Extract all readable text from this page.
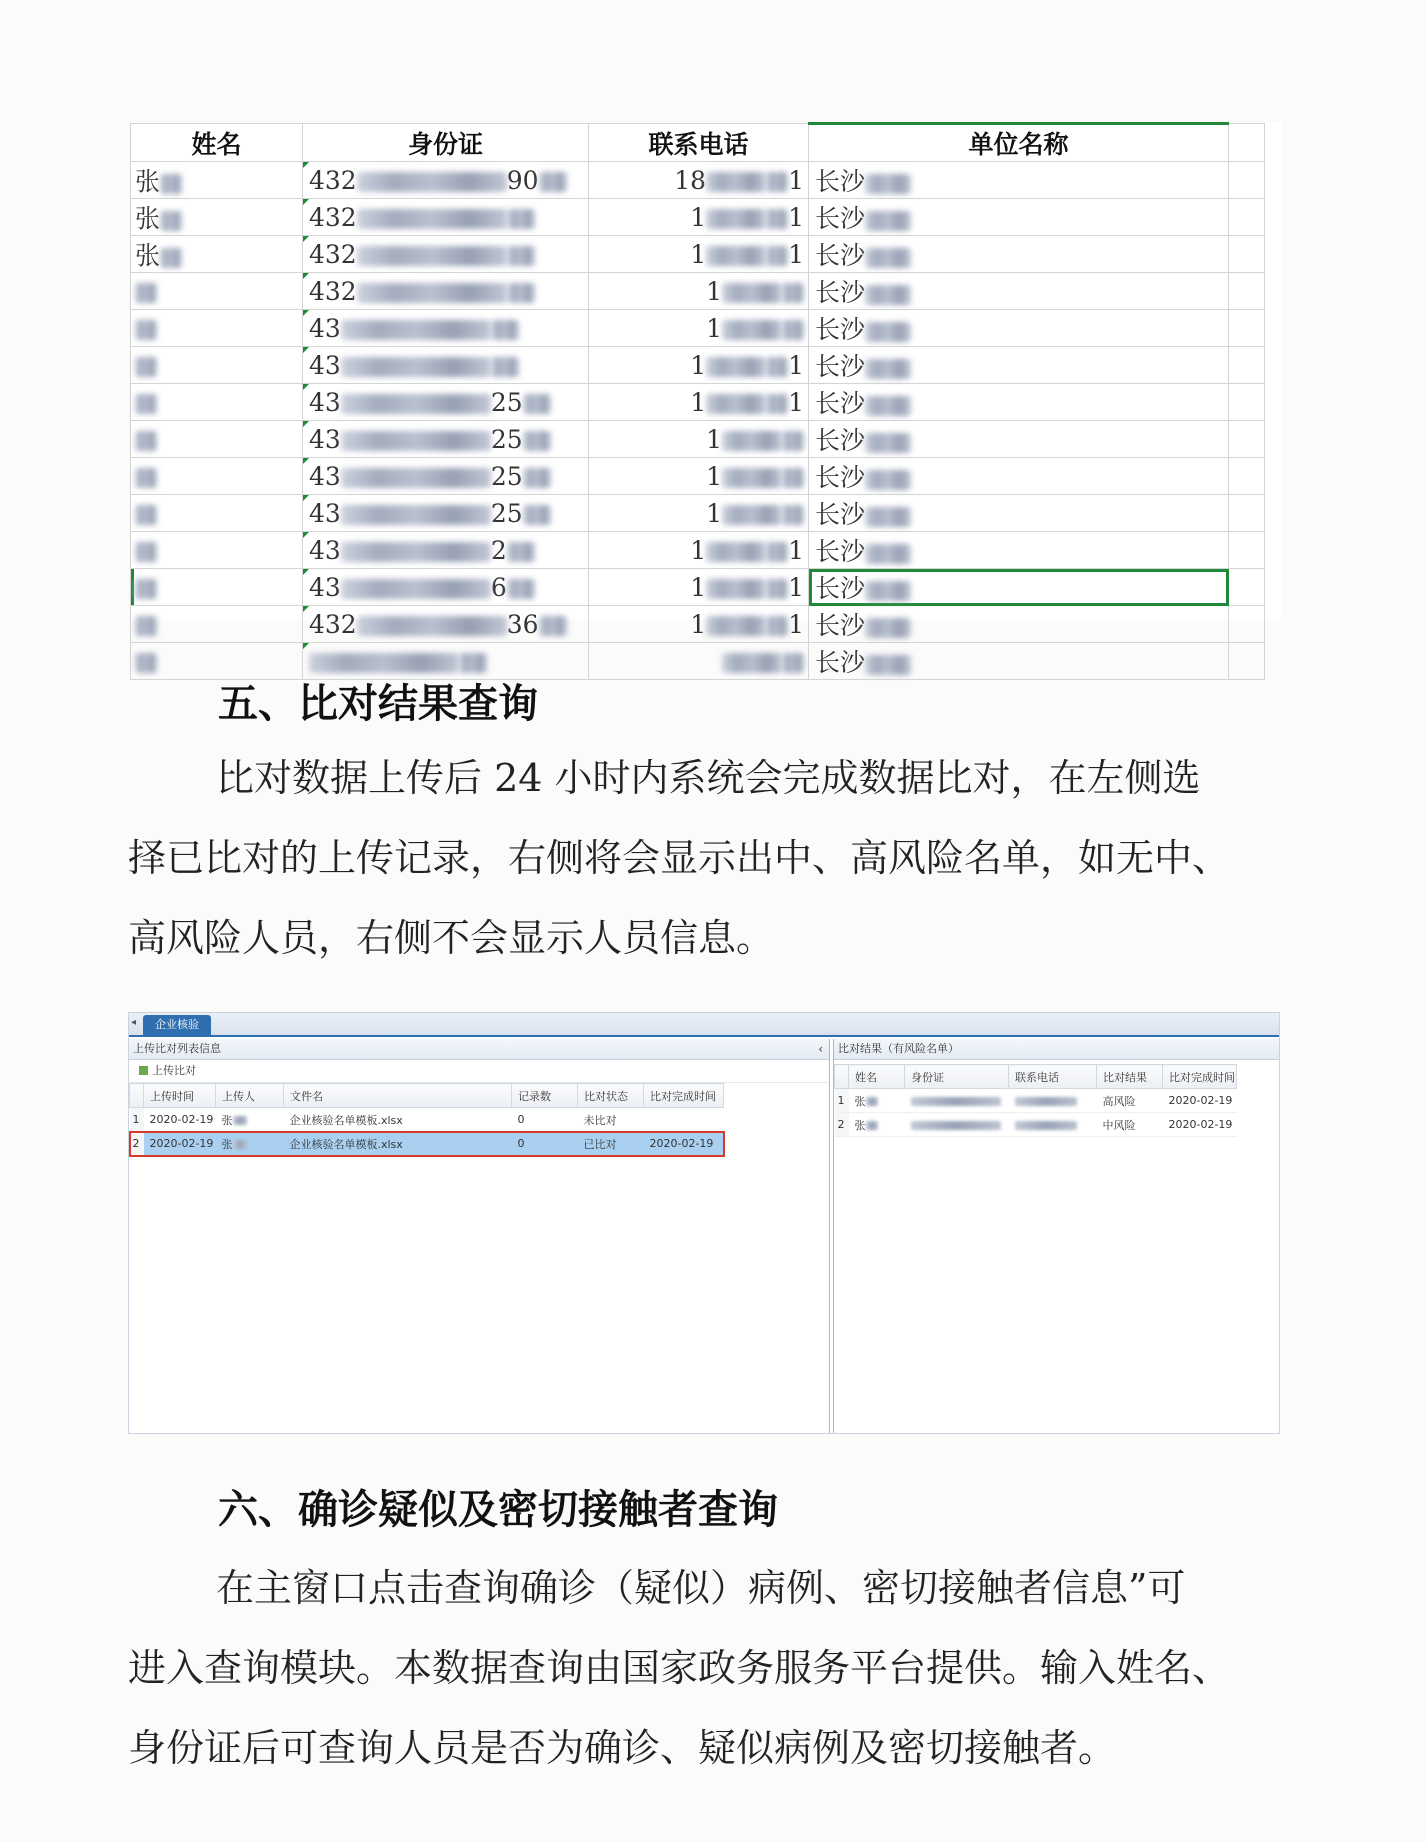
姓名	身份证	联系电话	单位名称	
张	432 90	18 1	长沙	
张	432	1 1	长沙	
张	432	1 1	长沙	
	432	1	长沙	
	43	1	长沙	
	43	1 1	长沙	
	43 25	1 1	长沙	
	43 25	1	长沙	
	43 25	1	长沙	
	43 25	1	长沙	
	43 2	1 1	长沙	

	43 6	1 1	长沙	
	432 36	1 1	长沙	
			长沙	
五、比对结果查询

比对数据上传后 24 小时内系统会完成数据比对，在左侧选

择已比对的上传记录，右侧将会显示出中、高风险名单，如无中、

高风险人员，右侧不会显示人员信息。

◂	企业核验
上传比对列表信息	‹
上传比对
	上传时间	上传人	文件名	记录数	比对状态	比对完成时间
1	2020-02-19	张	企业核验名单模板.xlsx	0	未比对	
2	2020-02-19	张	企业核验名单模板.xlsx	0	已比对	2020-02-19
比对结果（有风险名单）
	姓名	身份证	联系电话	比对结果	比对完成时间
1	张			高风险	2020-02-19
2	张			中风险	2020-02-19
六、确诊疑似及密切接触者查询

在主窗口点击查询确诊（疑似）病例、密切接触者信息”可

进入查询模块。本数据查询由国家政务服务平台提供。输入姓名、

身份证后可查询人员是否为确诊、疑似病例及密切接触者。
